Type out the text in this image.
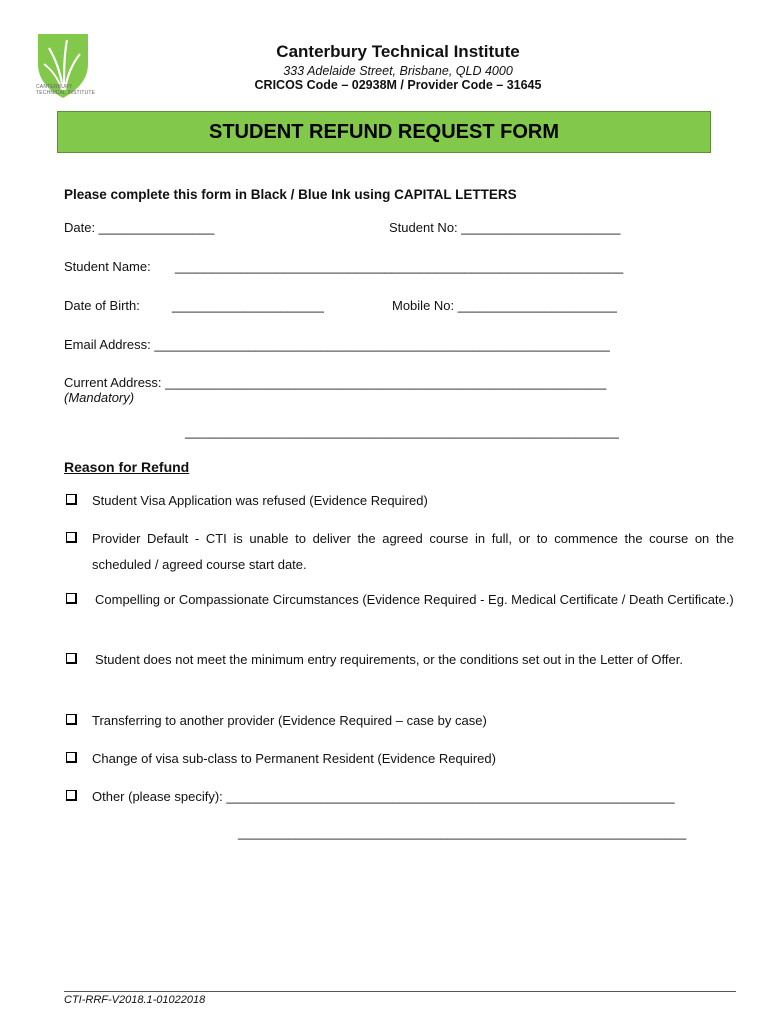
CANTERBURY TECHNICAL INSTITUTE
Canterbury Technical Institute
333 Adelaide Street, Brisbane, QLD 4000
CRICOS Code – 02938M / Provider Code – 31645
STUDENT REFUND REQUEST FORM
Please complete this form in Black / Blue Ink using CAPITAL LETTERS
Date: ________________	Student No: ______________________
Student Name: ______________________________________________________________
Date of Birth: _____________________	Mobile No: ______________________
Email Address: _______________________________________________________________
Current Address: _____________________________________________________________
(Mandatory)
____________________________________________________________
Reason for Refund
Student Visa Application was refused (Evidence Required)
Provider Default - CTI is unable to deliver the agreed course in full, or to commence the course on the scheduled / agreed course start date.
Compelling or Compassionate Circumstances (Evidence Required - Eg. Medical Certificate / Death Certificate.)
Student does not meet the minimum entry requirements, or the conditions set out in the Letter of Offer.
Transferring to another provider (Evidence Required – case by case)
Change of visa sub-class to Permanent Resident (Evidence Required)
Other (please specify): ______________________________________________________________
______________________________________________________________
CTI-RRF-V2018.1-01022018
